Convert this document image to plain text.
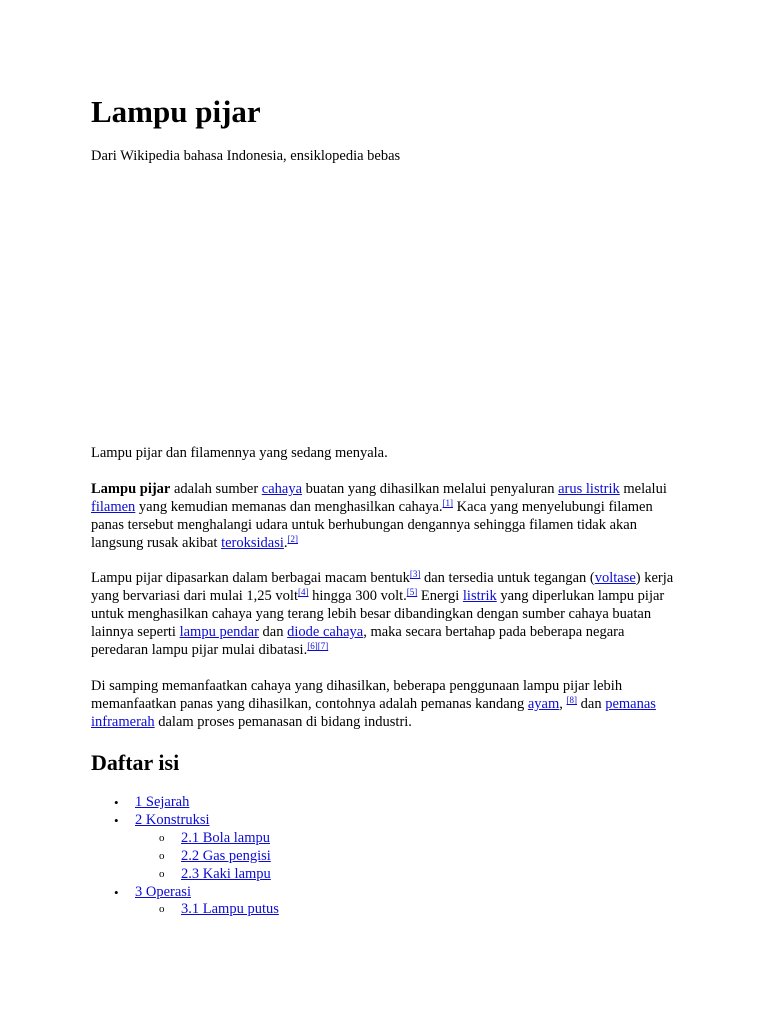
Lampu pijar

Dari Wikipedia bahasa Indonesia, ensiklopedia bebas

Lampu pijar dan filamennya yang sedang menyala.

Lampu pijar adalah sumber cahaya buatan yang dihasilkan melalui penyaluran arus listrik melalui filamen yang kemudian memanas dan menghasilkan cahaya.[1] Kaca yang menyelubungi filamen panas tersebut menghalangi udara untuk berhubungan dengannya sehingga filamen tidak akan langsung rusak akibat teroksidasi.[2]

Lampu pijar dipasarkan dalam berbagai macam bentuk[3] dan tersedia untuk tegangan (voltase) kerja yang bervariasi dari mulai 1,25 volt[4] hingga 300 volt.[5] Energi listrik yang diperlukan lampu pijar untuk menghasilkan cahaya yang terang lebih besar dibandingkan dengan sumber cahaya buatan lainnya seperti lampu pendar dan diode cahaya, maka secara bertahap pada beberapa negara peredaran lampu pijar mulai dibatasi.[6][7]

Di samping memanfaatkan cahaya yang dihasilkan, beberapa penggunaan lampu pijar lebih memanfaatkan panas yang dihasilkan, contohnya adalah pemanas kandang ayam, [8] dan pemanas inframerah dalam proses pemanasan di bidang industri.

Daftar isi
• 1 Sejarah
• 2 Konstruksi
o 2.1 Bola lampu
o 2.2 Gas pengisi
o 2.3 Kaki lampu
• 3 Operasi
o 3.1 Lampu putus
